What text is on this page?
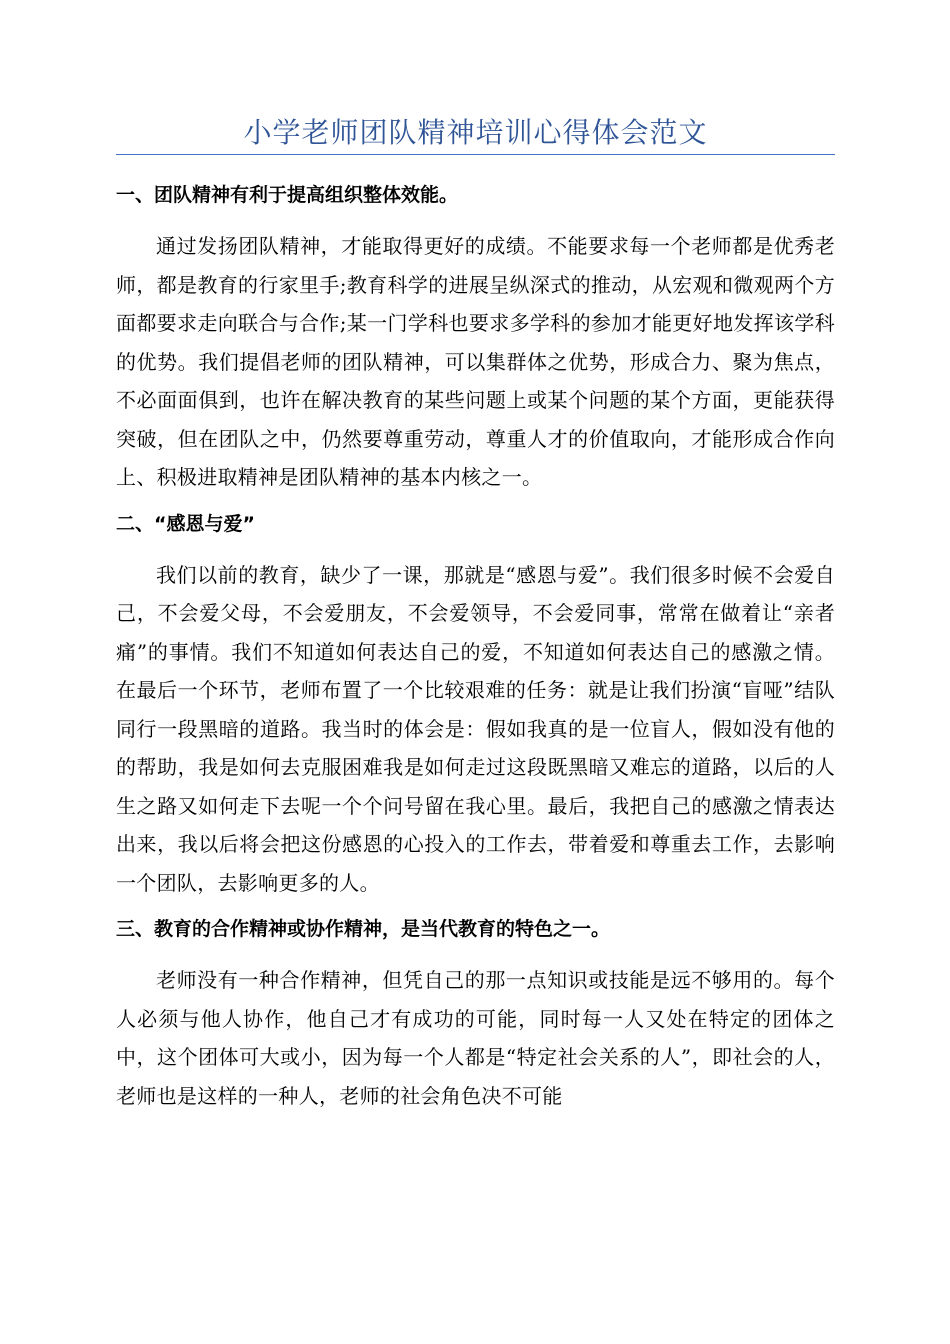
小学老师团队精神培训心得体会范文
一、团队精神有利于提高组织整体效能。

通过发扬团队精神，才能取得更好的成绩。不能要求每一个老师都是优秀老师，都是教育的行家里手;教育科学的进展呈纵深式的推动，从宏观和微观两个方面都要求走向联合与合作;某一门学科也要求多学科的参加才能更好地发挥该学科的优势。我们提倡老师的团队精神，可以集群体之优势，形成合力、聚为焦点，不必面面俱到，也许在解决教育的某些问题上或某个问题的某个方面，更能获得突破，但在团队之中，仍然要尊重劳动，尊重人才的价值取向，才能形成合作向上、积极进取精神是团队精神的基本内核之一。

二、“感恩与爱”

我们以前的教育，缺少了一课，那就是“感恩与爱”。我们很多时候不会爱自己，不会爱父母，不会爱朋友，不会爱领导，不会爱同事，常常在做着让“亲者痛”的事情。我们不知道如何表达自己的爱，不知道如何表达自己的感激之情。在最后一个环节，老师布置了一个比较艰难的任务：就是让我们扮演“盲哑”结队同行一段黑暗的道路。我当时的体会是：假如我真的是一位盲人，假如没有他的的帮助，我是如何去克服困难我是如何走过这段既黑暗又难忘的道路，以后的人生之路又如何走下去呢一个个问号留在我心里。最后，我把自己的感激之情表达出来，我以后将会把这份感恩的心投入的工作去，带着爱和尊重去工作，去影响一个团队，去影响更多的人。

三、教育的合作精神或协作精神，是当代教育的特色之一。

老师没有一种合作精神，但凭自己的那一点知识或技能是远不够用的。每个人必须与他人协作，他自己才有成功的可能，同时每一人又处在特定的团体之中，这个团体可大或小，因为每一个人都是“特定社会关系的人”，即社会的人，老师也是这样的一种人，老师的社会角色决不可能
